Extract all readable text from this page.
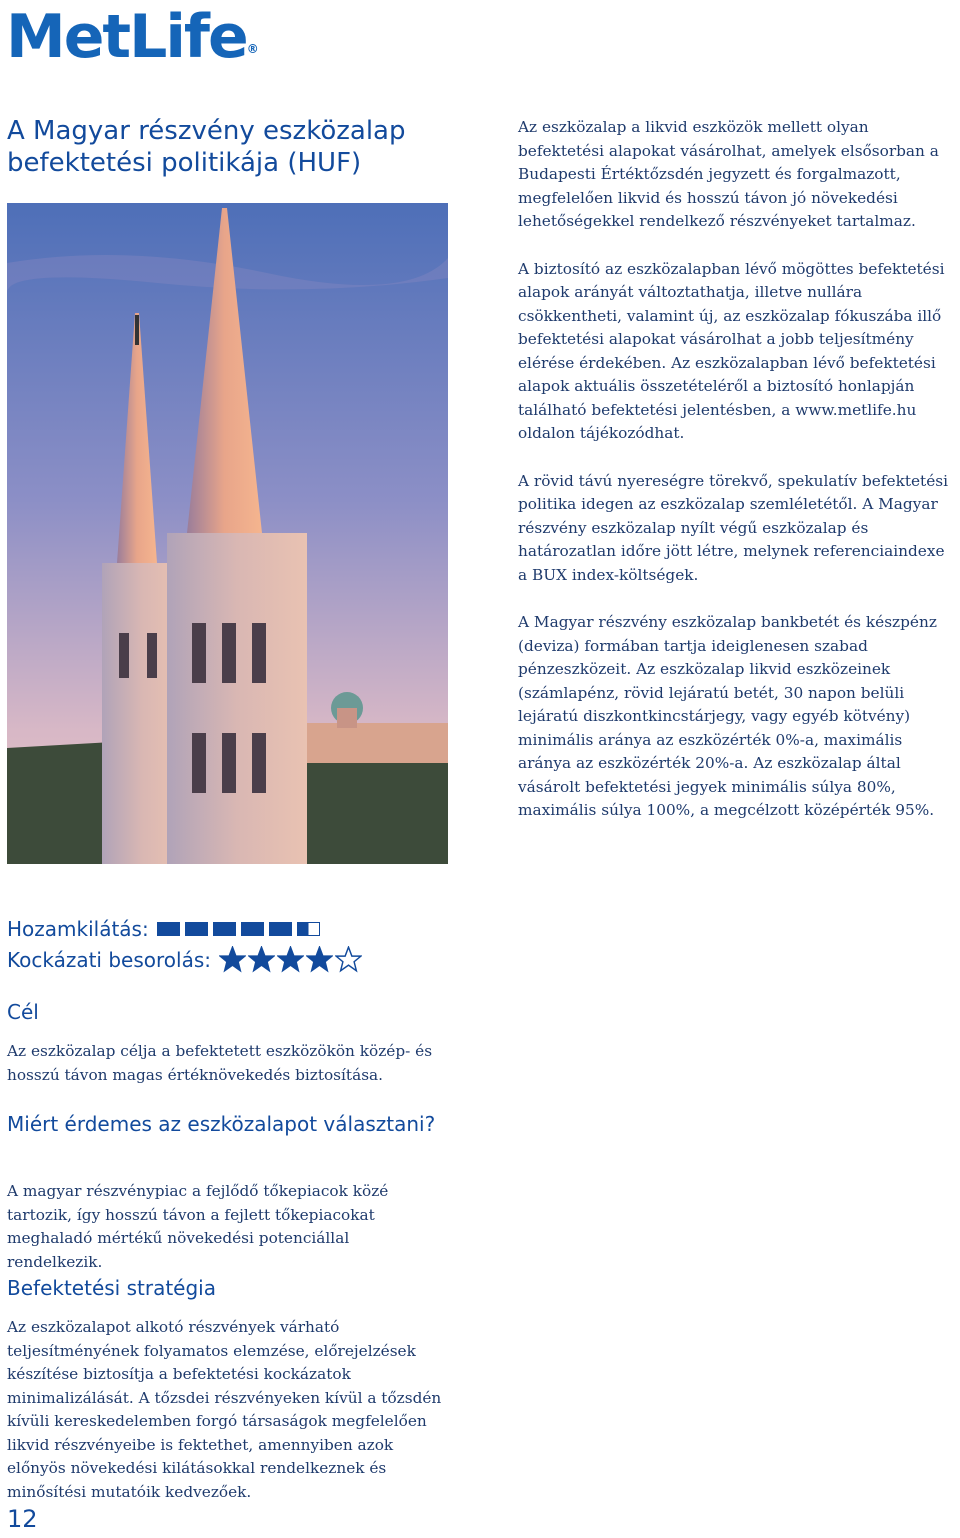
MetLife®
A Magyar részvény eszközalap befektetési politikája (HUF)

Az eszközalap a likvid eszközök mellett olyan befektetési alapokat vásárolhat, amelyek elsősorban a Budapesti Értéktőzsdén jegyzett és forgalmazott, megfelelően likvid és hosszú távon jó növekedési lehetőségekkel rendelkező részvényeket tartalmaz.

A biztosító az eszközalapban lévő mögöttes befektetési alapok arányát változtathatja, illetve nullára csökkentheti, valamint új, az eszközalap fókuszába illő befektetési alapokat vásárolhat a jobb teljesítmény elérése érdekében. Az eszközalapban lévő befektetési alapok aktuális összetételéről a biztosító honlapján található befektetési jelentésben, a www.metlife.hu oldalon tájékozódhat.

A rövid távú nyereségre törekvő, spekulatív befektetési politika idegen az eszközalap szemléletétől. A Magyar részvény eszközalap nyílt végű eszközalap és határozatlan időre jött létre, melynek referenciaindexe a BUX index-költségek.

A Magyar részvény eszközalap bankbetét és készpénz (deviza) formában tartja ideiglenesen szabad pénzeszközeit. Az eszközalap likvid eszközeinek (számlapénz, rövid lejáratú betét, 30 napon belüli lejáratú diszkontkincstárjegy, vagy egyéb kötvény) minimális aránya az eszközérték 0%-a, maximális aránya az eszközérték 20%-a. Az eszközalap által vásárolt befektetési jegyek minimális súlya 80%, maximális súlya 100%, a megcélzott középérték 95%.

Hozamkilátás:
Kockázati besorolás:
Cél

Az eszközalap célja a befektetett eszközökön közép- és hosszú távon magas értéknövekedés biztosítása.

Miért érdemes az eszközalapot választani?

A magyar részvénypiac a fejlődő tőkepiacok közé tartozik, így hosszú távon a fejlett tőkepiacokat meghaladó mértékű növekedési potenciállal rendelkezik.

Befektetési stratégia

Az eszközalapot alkotó részvények várható teljesítményének folyamatos elemzése, előrejelzések készítése biztosítja a befektetési kockázatok minimalizálását. A tőzsdei részvényeken kívül a tőzsdén kívüli kereskedelemben forgó társaságok megfelelően likvid részvényeibe is fektethet, amennyiben azok előnyös növekedési kilátásokkal rendelkeznek és minősítési mutatóik kedvezőek.

12
